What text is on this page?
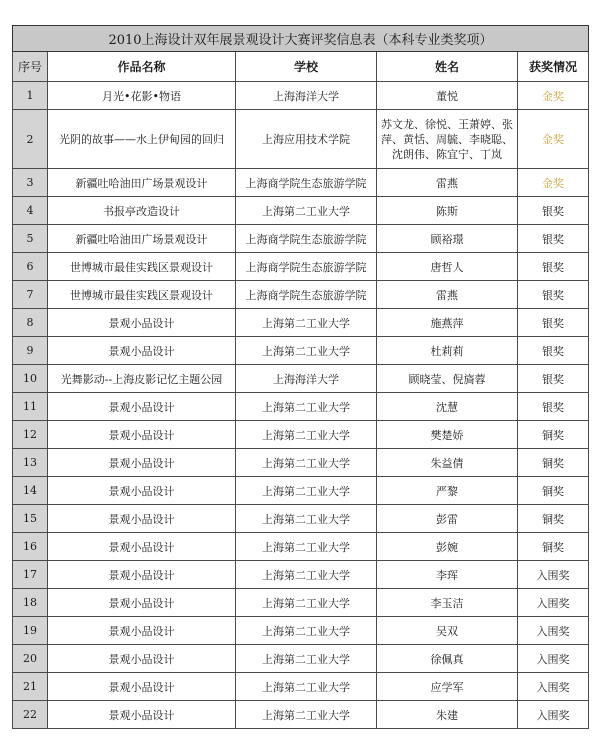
2010上海设计双年展景观设计大赛评奖信息表（本科专业类奖项）				
序号	作品名称	学校	姓名	获奖情况
1	月光•花影•物语	上海海洋大学	董悦	金奖
2	光阴的故事——水上伊甸园的回归	上海应用技术学院	苏文龙、徐悦、王萧婷、张萍、黄恬、周毓、李晓聪、沈朗伟、陈宜宁、丁岚	金奖
3	新疆吐哈油田广场景观设计	上海商学院生态旅游学院	雷燕	金奖
4	书报亭改造设计	上海第二工业大学	陈斯	银奖
5	新疆吐哈油田广场景观设计	上海商学院生态旅游学院	顾裕璟	银奖
6	世博城市最佳实践区景观设计	上海商学院生态旅游学院	唐哲人	银奖
7	世博城市最佳实践区景观设计	上海商学院生态旅游学院	雷燕	银奖
8	景观小品设计	上海第二工业大学	施燕萍	银奖
9	景观小品设计	上海第二工业大学	杜莉莉	银奖
10	光舞影动--上海皮影记忆主题公园	上海海洋大学	顾晓莹、倪旖蓉	银奖
11	景观小品设计	上海第二工业大学	沈慧	银奖
12	景观小品设计	上海第二工业大学	樊楚娇	铜奖
13	景观小品设计	上海第二工业大学	朱益倩	铜奖
14	景观小品设计	上海第二工业大学	严黎	铜奖
15	景观小品设计	上海第二工业大学	彭雷	铜奖
16	景观小品设计	上海第二工业大学	彭婉	铜奖
17	景观小品设计	上海第二工业大学	李珲	入围奖
18	景观小品设计	上海第二工业大学	李玉洁	入围奖
19	景观小品设计	上海第二工业大学	吴双	入围奖
20	景观小品设计	上海第二工业大学	徐佩真	入围奖
21	景观小品设计	上海第二工业大学	应学军	入围奖
22	景观小品设计	上海第二工业大学	朱建	入围奖
